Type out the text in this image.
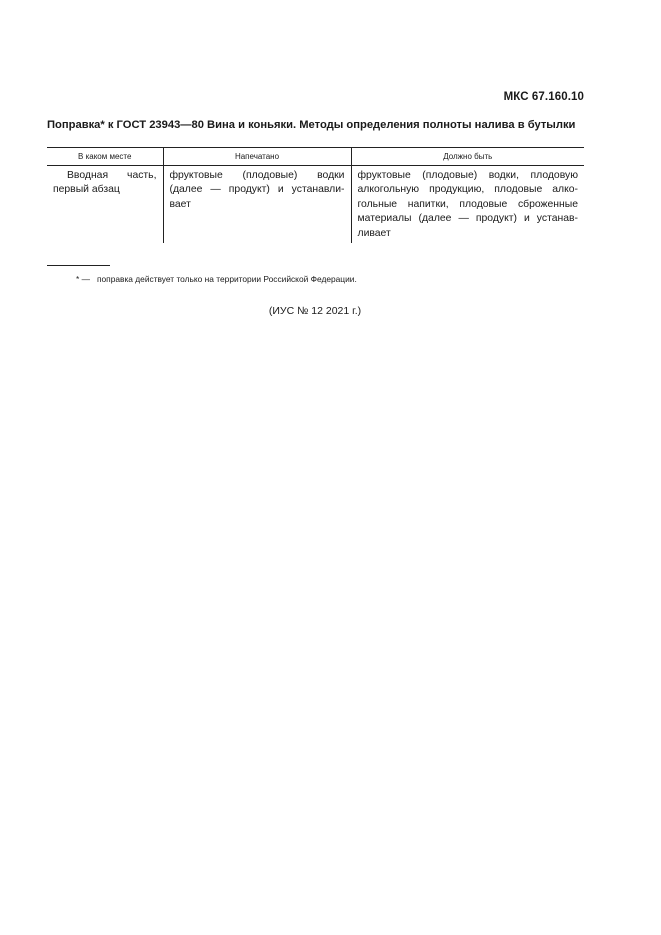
МКС 67.160.10
Поправка* к ГОСТ 23943—80 Вина и коньяки. Методы определения полноты налива в бутылки
В каком месте	Напечатано	Должно быть
Вводная часть, первый абзац	фруктовые (плодовые) водки (далее — продукт) и устанавли-вает	фруктовые (плодовые) водки, плодовую алкогольную продукцию, плодовые алко-гольные напитки, плодовые сброженные материалы (далее — продукт) и устанав-ливает
* — поправка действует только на территории Российской Федерации.
(ИУС № 12 2021 г.)
